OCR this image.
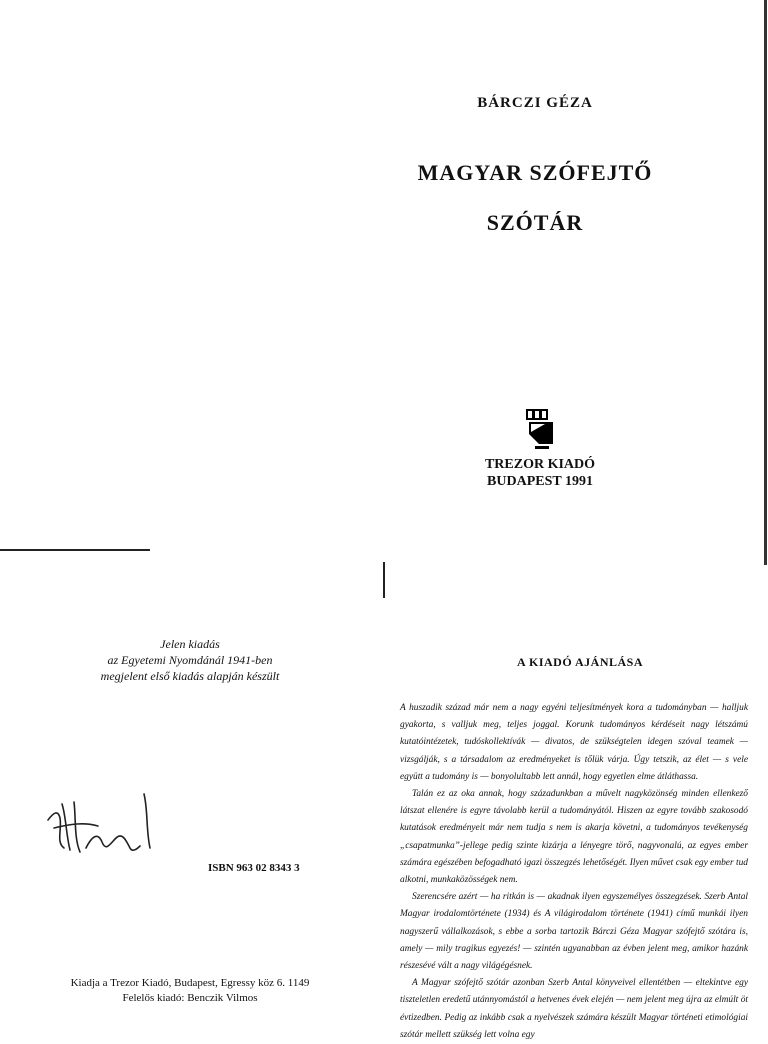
BÁRCZI GÉZA
MAGYAR SZÓFEJTŐ
SZÓTÁR
TREZOR KIADÓ
BUDAPEST 1991
Jelen kiadás
az Egyetemi Nyomdánál 1941-ben
megjelent első kiadás alapján készült
ISBN 963 02 8343 3
Kiadja a Trezor Kiadó, Budapest, Egressy köz 6. 1149
Felelős kiadó: Benczik Vilmos
A KIADÓ AJÁNLÁSA

A huszadik század már nem a nagy egyéni teljesítmények kora a tudományban — halljuk gyakorta, s valljuk meg, teljes joggal. Korunk tudományos kérdéseit nagy létszámú kutatóintézetek, tudóskollektívák — divatos, de szükségtelen idegen szóval teamek — vizsgálják, s a társadalom az eredményeket is tőlük várja. Úgy tetszik, az élet — s vele együtt a tudomány is — bonyolultabb lett annál, hogy egyetlen elme átláthassa.

Talán ez az oka annak, hogy századunkban a művelt nagyközönség minden ellenkező látszat ellenére is egyre távolabb kerül a tudományától. Hiszen az egyre tovább szakosodó kutatások eredményeit már nem tudja s nem is akarja követni, a tudományos tevékenység „csapatmunka”-jellege pedig szinte kizárja a lényegre törő, nagyvonalú, az egyes ember számára egészében befogadható igazi összegzés lehetőségét. Ilyen művet csak egy ember tud alkotni, munkaközösségek nem.

Szerencsére azért — ha ritkán is — akadnak ilyen egyszemélyes összegzések. Szerb Antal Magyar irodalomtörténete (1934) és A világirodalom története (1941) című munkái ilyen nagyszerű vállalkozások, s ebbe a sorba tartozik Bárczi Géza Magyar szófejtő szótára is, amely — mily tragikus egyezés! — szintén ugyanabban az évben jelent meg, amikor hazánk részesévé vált a nagy világégésnek.

A Magyar szófejtő szótár azonban Szerb Antal könyveivel ellentétben — eltekintve egy tiszteletlen eredetű utánnyomástól a hetvenes évek elején — nem jelent meg újra az elmúlt öt évtizedben. Pedig az inkább csak a nyelvészek számára készült Magyar történeti etimológiai szótár mellett szükség lett volna egy
